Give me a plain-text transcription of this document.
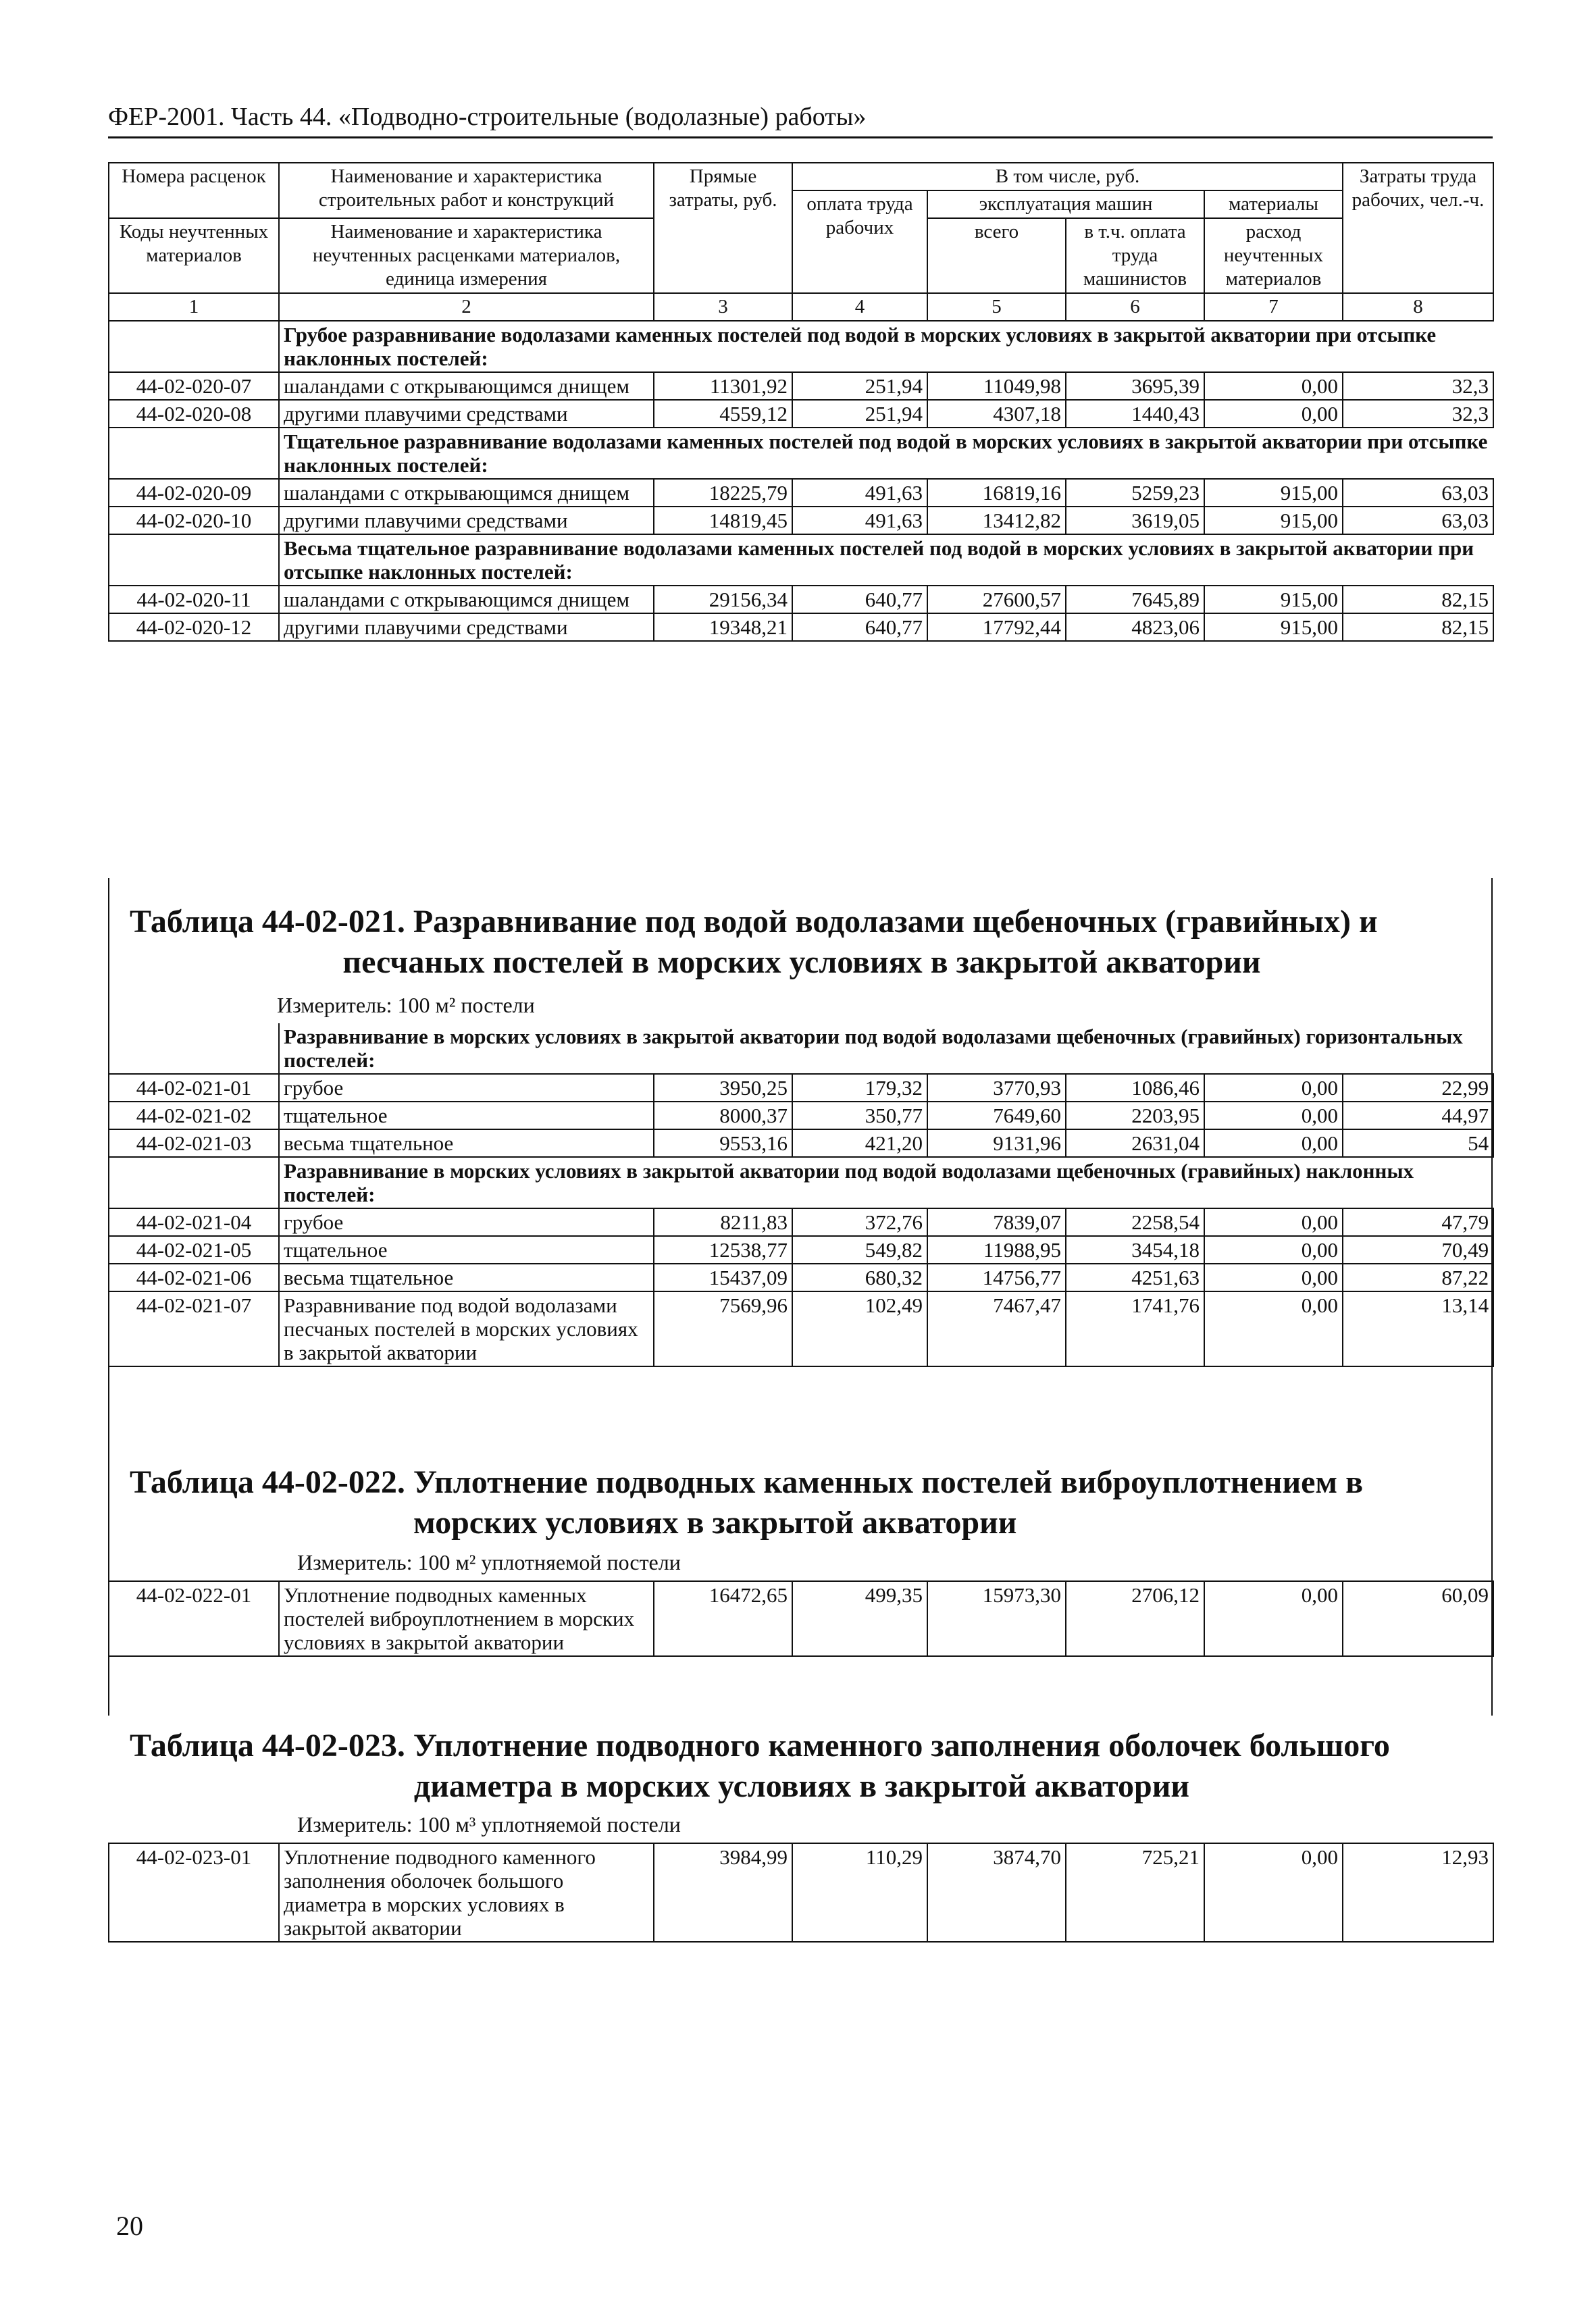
ФЕР-2001. Часть 44. «Подводно-строительные (водолазные) работы»
Номера расценок	Наименование и характеристика строительных работ и конструкций	Прямые затраты, руб.	В том числе, руб.				Затраты труда рабочих, чел.-ч.
			оплата труда рабочих	эксплуатация машин		материалы	
Коды неучтенных материалов	Наименование и характеристика неучтенных расценками материалов, единица измерения			всего	в т.ч. оплата труда машинистов	расход неучтенных материалов	

1	2	3	4	5	6	7	8
	Грубое разравнивание водолазами каменных постелей под водой в морских условиях в закрытой акватории при отсыпке наклонных постелей:						
44-02-020-07	шаландами с открывающимся днищем	11301,92	251,94	11049,98	3695,39	0,00	32,3
44-02-020-08	другими плавучими средствами	4559,12	251,94	4307,18	1440,43	0,00	32,3
	Тщательное разравнивание водолазами каменных постелей под водой в морских условиях в закрытой акватории при отсыпке наклонных постелей:						
44-02-020-09	шаландами с открывающимся днищем	18225,79	491,63	16819,16	5259,23	915,00	63,03
44-02-020-10	другими плавучими средствами	14819,45	491,63	13412,82	3619,05	915,00	63,03
	Весьма тщательное разравнивание водолазами каменных постелей под водой в морских условиях в закрытой акватории при отсыпке наклонных постелей:						
44-02-020-11	шаландами с открывающимся днищем	29156,34	640,77	27600,57	7645,89	915,00	82,15
44-02-020-12	другими плавучими средствами	19348,21	640,77	17792,44	4823,06	915,00	82,15
Таблица 44-02-021. Разравнивание под водой водолазами щебеночных (гравийных) и
песчаных постелей в морских условиях в закрытой акватории
Измеритель: 100 м² постели
	Разравнивание в морских условиях в закрытой акватории под водой водолазами щебеночных (гравийных) горизонтальных постелей:						
44-02-021-01	грубое	3950,25	179,32	3770,93	1086,46	0,00	22,99
44-02-021-02	тщательное	8000,37	350,77	7649,60	2203,95	0,00	44,97
44-02-021-03	весьма тщательное	9553,16	421,20	9131,96	2631,04	0,00	54
	Разравнивание в морских условиях в закрытой акватории под водой водолазами щебеночных (гравийных) наклонных постелей:						
44-02-021-04	грубое	8211,83	372,76	7839,07	2258,54	0,00	47,79
44-02-021-05	тщательное	12538,77	549,82	11988,95	3454,18	0,00	70,49
44-02-021-06	весьма тщательное	15437,09	680,32	14756,77	4251,63	0,00	87,22
44-02-021-07	Разравнивание под водой водолазами песчаных постелей в морских условиях в закрытой акватории	7569,96	102,49	7467,47	1741,76	0,00	13,14
Таблица 44-02-022. Уплотнение подводных каменных постелей виброуплотнением в
морских условиях в закрытой акватории
Измеритель: 100 м² уплотняемой постели
44-02-022-01	Уплотнение подводных каменных постелей виброуплотнением в морских условиях в закрытой акватории	16472,65	499,35	15973,30	2706,12	0,00	60,09
Таблица 44-02-023. Уплотнение подводного каменного заполнения оболочек большого
диаметра в морских условиях в закрытой акватории
Измеритель: 100 м³ уплотняемой постели
44-02-023-01	Уплотнение подводного каменного заполнения оболочек большого диаметра в морских условиях в закрытой акватории	3984,99	110,29	3874,70	725,21	0,00	12,93
20
